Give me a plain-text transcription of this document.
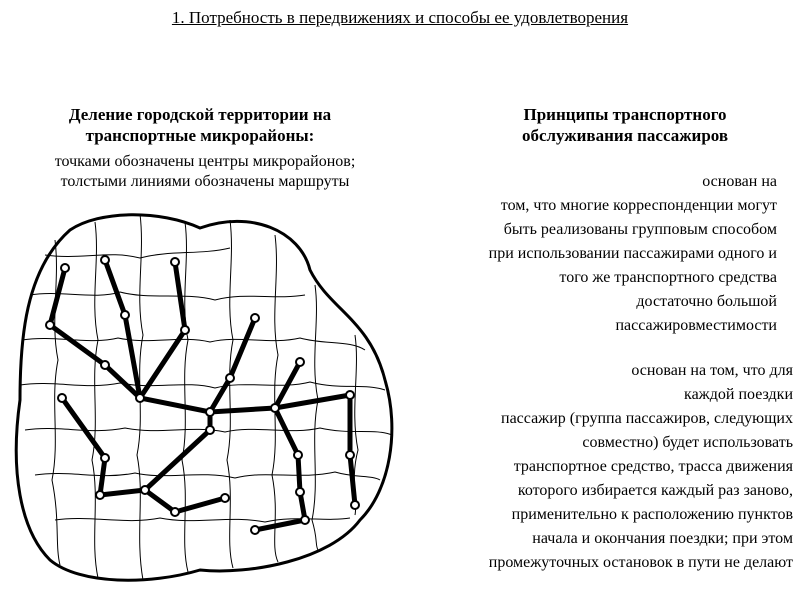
1. Потребность в передвижениях и способы ее удовлетворения
Деление городской территории на
транспортные микрорайоны:
точками обозначены центры микрорайонов;
толстыми линиями обозначены маршруты
Принципы транспортного
обслуживания пассажиров
основан на
том, что многие корреспонденции могут
быть реализованы групповым способом
при использовании пассажирами одного и
того же транспортного средства
достаточно большой
пассажировместимости
основан на том, что для
каждой поездки
пассажир (группа пассажиров, следующих
совместно) будет использовать
транспортное средство, трасса движения
которого избирается каждый раз заново,
применительно к расположению пунктов
начала и окончания поездки; при этом
промежуточных остановок в пути не делают
